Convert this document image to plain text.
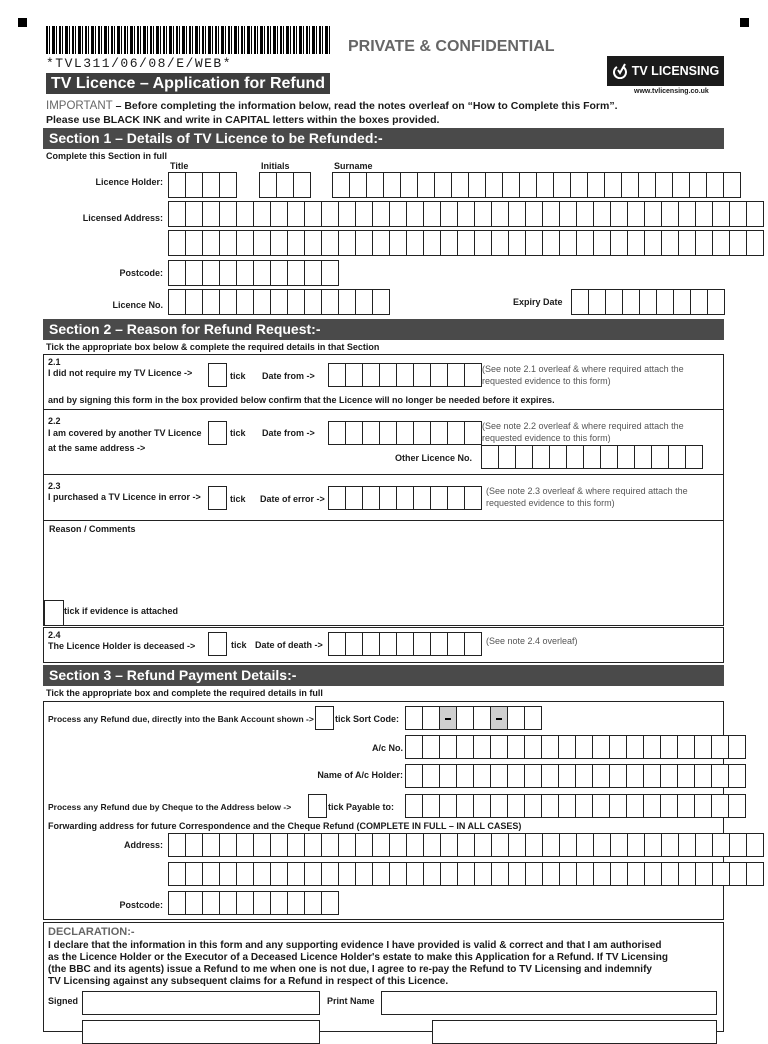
*TVL311/06/08/E/WEB*
PRIVATE & CONFIDENTIAL
TV LICENSING
www.tvlicensing.co.uk
TV Licence – Application for Refund
IMPORTANT – Before completing the information below, read the notes overleaf on “How to Complete this Form”.
Please use BLACK INK and write in CAPITAL letters within the boxes provided.
Section 1 – Details of TV Licence to be Refunded:-
Complete this Section in full
Title	Initials	Surname
Licence Holder:
Licensed Address:
Postcode:
Licence No.	Expiry Date
Section 2 – Reason for Refund Request:-
Tick the appropriate box below & complete the required details in that Section
2.1
I did not require my TV Licence ->	tick Date from ->
(See note 2.1 overleaf & where required attach the
requested evidence to this form)
and by signing this form in the box provided below confirm that the Licence will no longer be needed before it expires.
2.2
I am covered by another TV Licence
at the same address ->
tick Date from ->
(See note 2.2 overleaf & where required attach the
requested evidence to this form)
Other Licence No.
2.3
I purchased a TV Licence in error ->	tick Date of error ->
(See note 2.3 overleaf & where required attach the
requested evidence to this form)
Reason / Comments
tick if evidence is attached
2.4
The Licence Holder is deceased ->	tick Date of death ->	(See note 2.4 overleaf)
Section 3 – Refund Payment Details:-
Tick the appropriate box and complete the required details in full
Process any Refund due, directly into the Bank Account shown -> tick Sort Code:
A/c No.
Name of A/c Holder:
Process any Refund due by Cheque to the Address below ->	tick Payable to:
Forwarding address for future Correspondence and the Cheque Refund (COMPLETE IN FULL – IN ALL CASES)
Address:
Postcode:
DECLARATION:-
I declare that the information in this form and any supporting evidence I have provided is valid & correct and that I am authorised
as the Licence Holder or the Executor of a Deceased Licence Holder's estate to make this Application for a Refund. If TV Licensing
(the BBC and its agents) issue a Refund to me when one is not due, I agree to re-pay the Refund to TV Licensing and indemnify
TV Licensing against any subsequent claims for a Refund in respect of this Licence.
Signed	Print Name
